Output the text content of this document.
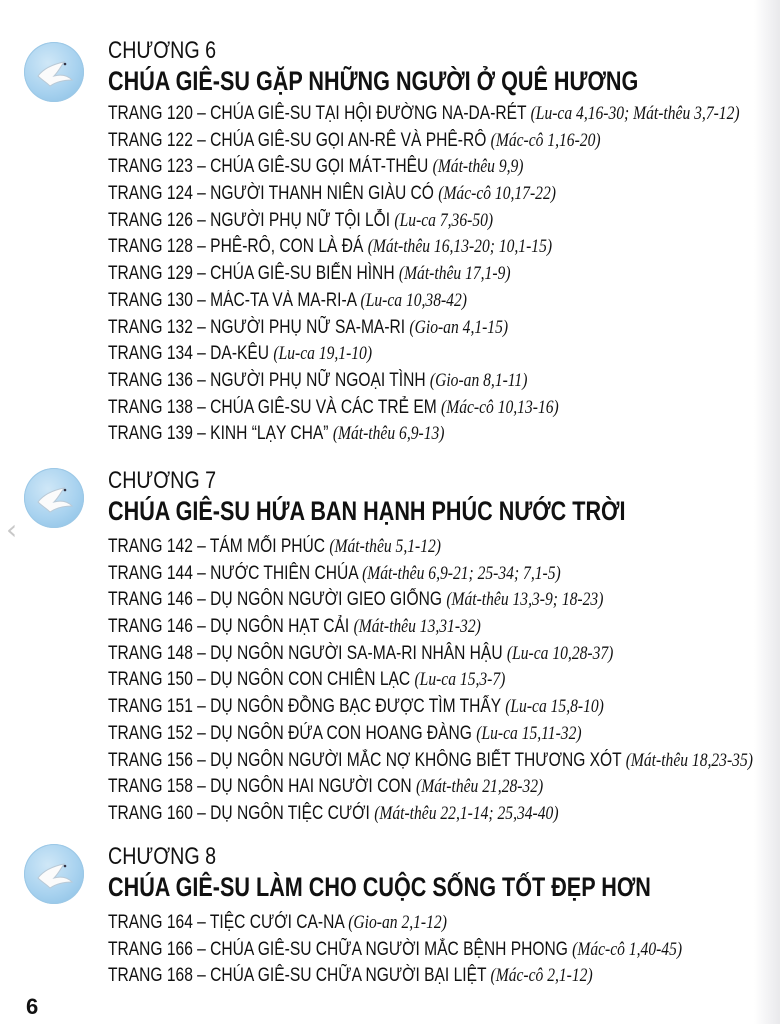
CHƯƠNG 6
CHÚA GIÊ-SU GẶP NHỮNG NGƯỜI Ở QUÊ HƯƠNG
TRANG 120 – CHÚA GIÊ-SU TẠI HỘI ĐƯỜNG NA-DA-RÉT (Lu-ca 4,16-30; Mát-thêu 3,7-12)
TRANG 122 – CHÚA GIÊ-SU GỌI AN-RÊ VÀ PHÊ-RÔ (Mác-cô 1,16-20)
TRANG 123 – CHÚA GIÊ-SU GỌI MÁT-THÊU (Mát-thêu 9,9)
TRANG 124 – NGƯỜI THANH NIÊN GIÀU CÓ (Mác-cô 10,17-22)
TRANG 126 – NGƯỜI PHỤ NỮ TỘI LỖI (Lu-ca 7,36-50)
TRANG 128 – PHÊ-RÔ, CON LÀ ĐÁ (Mát-thêu 16,13-20; 10,1-15)
TRANG 129 – CHÚA GIÊ-SU BIẾN HÌNH (Mát-thêu 17,1-9)
TRANG 130 – MÁC-TA VÀ MA-RI-A (Lu-ca 10,38-42)
TRANG 132 – NGƯỜI PHỤ NỮ SA-MA-RI (Gio-an 4,1-15)
TRANG 134 – DA-KÊU (Lu-ca 19,1-10)
TRANG 136 – NGƯỜI PHỤ NỮ NGOẠI TÌNH (Gio-an 8,1-11)
TRANG 138 – CHÚA GIÊ-SU VÀ CÁC TRẺ EM (Mác-cô 10,13-16)
TRANG 139 – KINH “LẠY CHA” (Mát-thêu 6,9-13)
CHƯƠNG 7
CHÚA GIÊ-SU HỨA BAN HẠNH PHÚC NƯỚC TRỜI
TRANG 142 – TÁM MỐI PHÚC (Mát-thêu 5,1-12)
TRANG 144 – NƯỚC THIÊN CHÚA (Mát-thêu 6,9-21; 25-34; 7,1-5)
TRANG 146 – DỤ NGÔN NGƯỜI GIEO GIỐNG (Mát-thêu 13,3-9; 18-23)
TRANG 146 – DỤ NGÔN HẠT CẢI (Mát-thêu 13,31-32)
TRANG 148 – DỤ NGÔN NGƯỜI SA-MA-RI NHÂN HẬU (Lu-ca 10,28-37)
TRANG 150 – DỤ NGÔN CON CHIÊN LẠC (Lu-ca 15,3-7)
TRANG 151 – DỤ NGÔN ĐỒNG BẠC ĐƯỢC TÌM THẤY (Lu-ca 15,8-10)
TRANG 152 – DỤ NGÔN ĐỨA CON HOANG ĐÀNG (Lu-ca 15,11-32)
TRANG 156 – DỤ NGÔN NGƯỜI MẮC NỢ KHÔNG BIẾT THƯƠNG XÓT (Mát-thêu 18,23-35)
TRANG 158 – DỤ NGÔN HAI NGƯỜI CON (Mát-thêu 21,28-32)
TRANG 160 – DỤ NGÔN TIỆC CƯỚI (Mát-thêu 22,1-14; 25,34-40)
CHƯƠNG 8
CHÚA GIÊ-SU LÀM CHO CUỘC SỐNG TỐT ĐẸP HƠN
TRANG 164 – TIỆC CƯỚI CA-NA (Gio-an 2,1-12)
TRANG 166 – CHÚA GIÊ-SU CHỮA NGƯỜI MẮC BỆNH PHONG (Mác-cô 1,40-45)
TRANG 168 – CHÚA GIÊ-SU CHỮA NGƯỜI BẠI LIỆT (Mác-cô 2,1-12)
‹
6
